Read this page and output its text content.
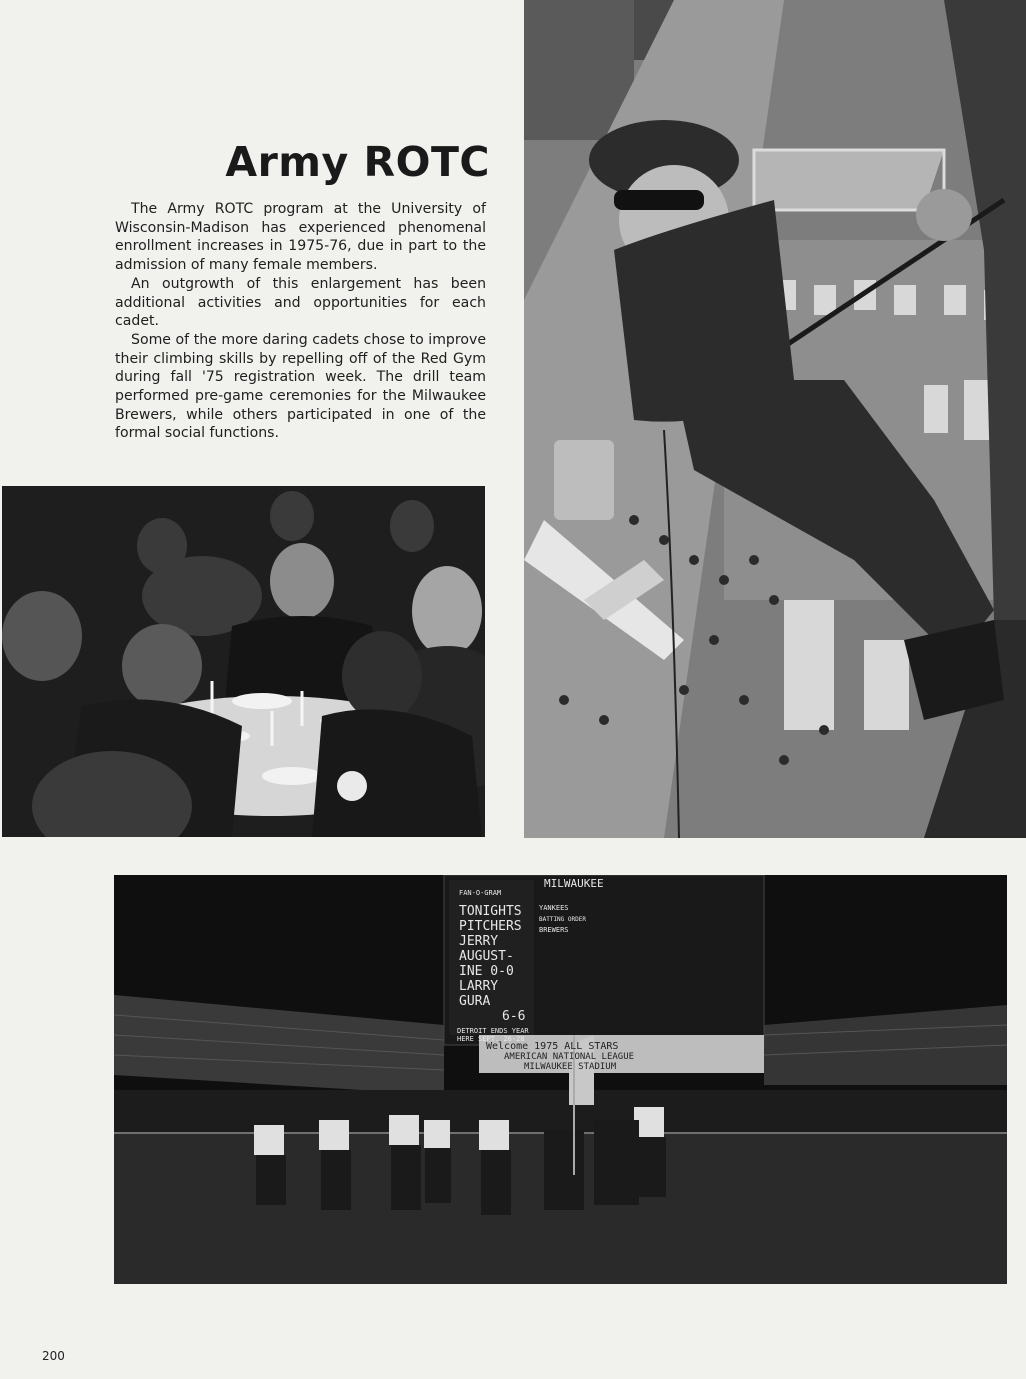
Army ROTC

The Army ROTC program at the University of Wisconsin-Madison has experienced phenomenal enrollment increases in 1975-76, due in part to the admission of many female members.

An outgrowth of this enlargement has been additional activities and opportunities for each cadet.

Some of the more daring cadets chose to improve their climbing skills by repelling off of the Red Gym during fall '75 registration week. The drill team performed pre-game ceremonies for the Milwaukee Brewers, while others participated in one of the formal social functions.

MILWAUKEE
FAN-O-GRAM
TONIGHTS
PITCHERS
JERRY
AUGUST-
INE 0-0
LARRY
GURA
6-6
DETROIT ENDS YEAR
HERE SEPT. 26-28
YANKEES
BATTING ORDER
BREWERS
Welcome 1975 ALL STARS
AMERICAN NATIONAL LEAGUE
MILWAUKEE STADIUM
200
